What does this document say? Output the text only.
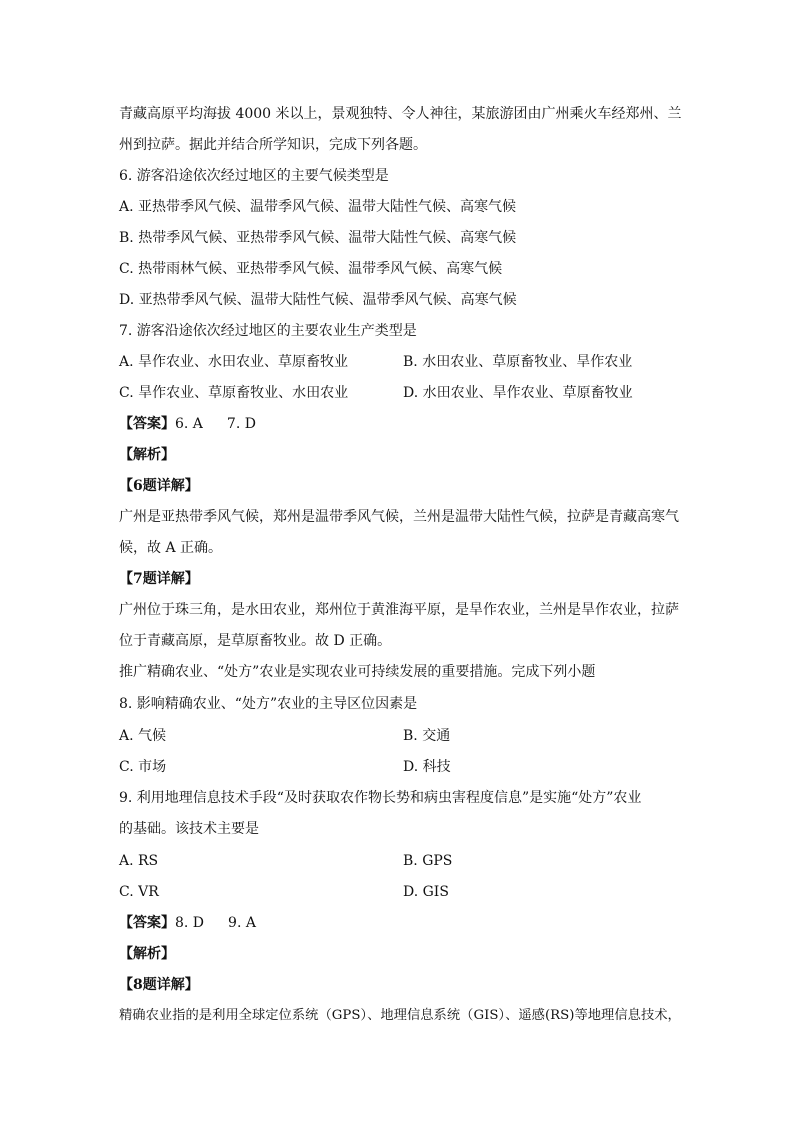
青藏高原平均海拔 4000 米以上，景观独特、令人神往，某旅游团由广州乘火车经郑州、兰
州到拉萨。据此并结合所学知识，完成下列各题。
6. 游客沿途依次经过地区的主要气候类型是
A. 亚热带季风气候、温带季风气候、温带大陆性气候、高寒气候
B. 热带季风气候、亚热带季风气候、温带大陆性气候、高寒气候
C. 热带雨林气候、亚热带季风气候、温带季风气候、高寒气候
D. 亚热带季风气候、温带大陆性气候、温带季风气候、高寒气候
7. 游客沿途依次经过地区的主要农业生产类型是
A. 旱作农业、水田农业、草原畜牧业	B. 水田农业、草原畜牧业、旱作农业
C. 旱作农业、草原畜牧业、水田农业	D. 水田农业、旱作农业、草原畜牧业
【答案】6. A 7. D
【解析】
【6题详解】
广州是亚热带季风气候，郑州是温带季风气候，兰州是温带大陆性气候，拉萨是青藏高寒气
候，故 A 正确。
【7题详解】
广州位于珠三角，是水田农业，郑州位于黄淮海平原，是旱作农业，兰州是旱作农业，拉萨
位于青藏高原，是草原畜牧业。故 D 正确。
推广精确农业、“处方”农业是实现农业可持续发展的重要措施。完成下列小题
8. 影响精确农业、“处方”农业的主导区位因素是
A. 气候	B. 交通
C. 市场	D. 科技
9. 利用地理信息技术手段“及时获取农作物长势和病虫害程度信息”是实施“处方”农业
的基础。该技术主要是
A. RS	B. GPS
C. VR	D. GIS
【答案】8. D 9. A
【解析】
【8题详解】
精确农业指的是利用全球定位系统（GPS）、地理信息系统（GIS）、遥感(RS)等地理信息技术，
